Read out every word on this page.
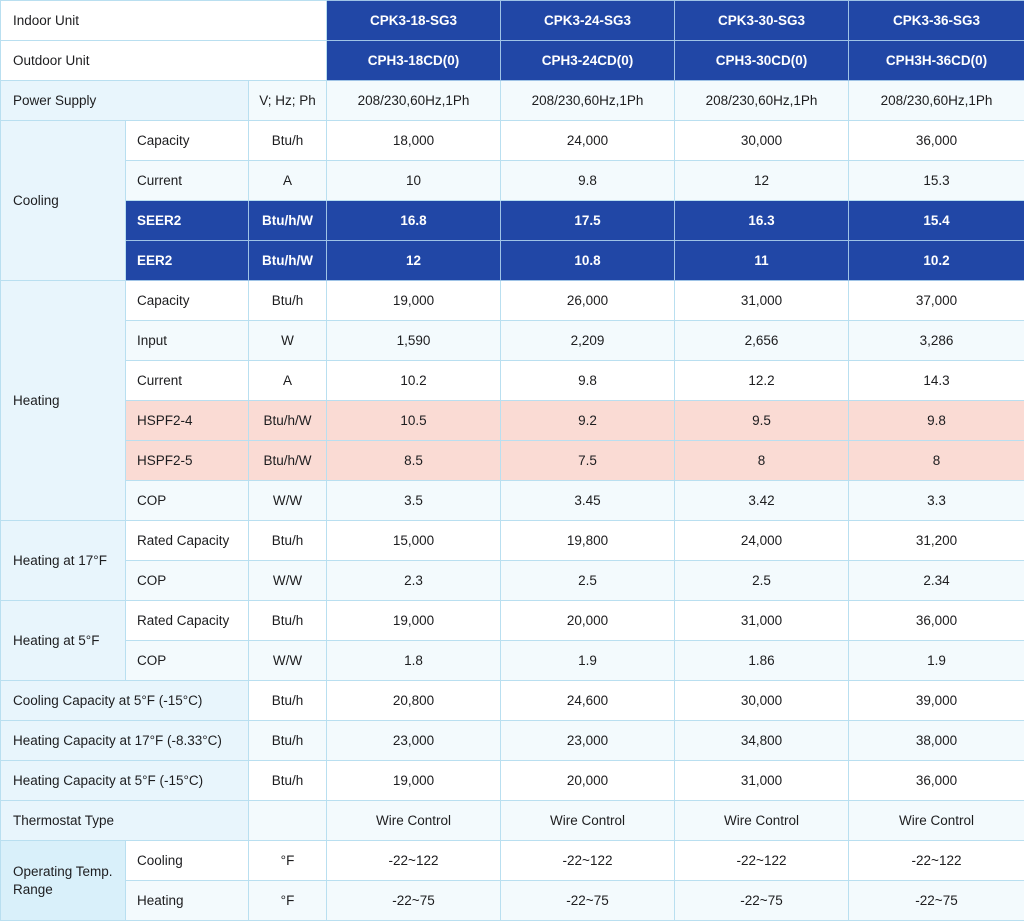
Indoor Unit			CPK3-18-SG3	CPK3-24-SG3	CPK3-30-SG3	CPK3-36-SG3
Outdoor Unit			CPH3-18CD(0)	CPH3-24CD(0)	CPH3-30CD(0)	CPH3H-36CD(0)
Power Supply		V; Hz; Ph	208/230,60Hz,1Ph	208/230,60Hz,1Ph	208/230,60Hz,1Ph	208/230,60Hz,1Ph
Cooling	Capacity	Btu/h	18,000	24,000	30,000	36,000
	Current	A	10	9.8	12	15.3
	SEER2	Btu/h/W	16.8	17.5	16.3	15.4
	EER2	Btu/h/W	12	10.8	11	10.2
Heating	Capacity	Btu/h	19,000	26,000	31,000	37,000
	Input	W	1,590	2,209	2,656	3,286
	Current	A	10.2	9.8	12.2	14.3
	HSPF2-4	Btu/h/W	10.5	9.2	9.5	9.8
	HSPF2-5	Btu/h/W	8.5	7.5	8	8
	COP	W/W	3.5	3.45	3.42	3.3
Heating at 17°F	Rated Capacity	Btu/h	15,000	19,800	24,000	31,200
	COP	W/W	2.3	2.5	2.5	2.34
Heating at 5°F	Rated Capacity	Btu/h	19,000	20,000	31,000	36,000
	COP	W/W	1.8	1.9	1.86	1.9
Cooling Capacity at 5°F (-15°C)		Btu/h	20,800	24,600	30,000	39,000
Heating Capacity at 17°F (-8.33°C)		Btu/h	23,000	23,000	34,800	38,000
Heating Capacity at 5°F (-15°C)		Btu/h	19,000	20,000	31,000	36,000
Thermostat Type			Wire Control	Wire Control	Wire Control	Wire Control
Operating Temp. Range	Cooling	°F	-22~122	-22~122	-22~122	-22~122
	Heating	°F	-22~75	-22~75	-22~75	-22~75
